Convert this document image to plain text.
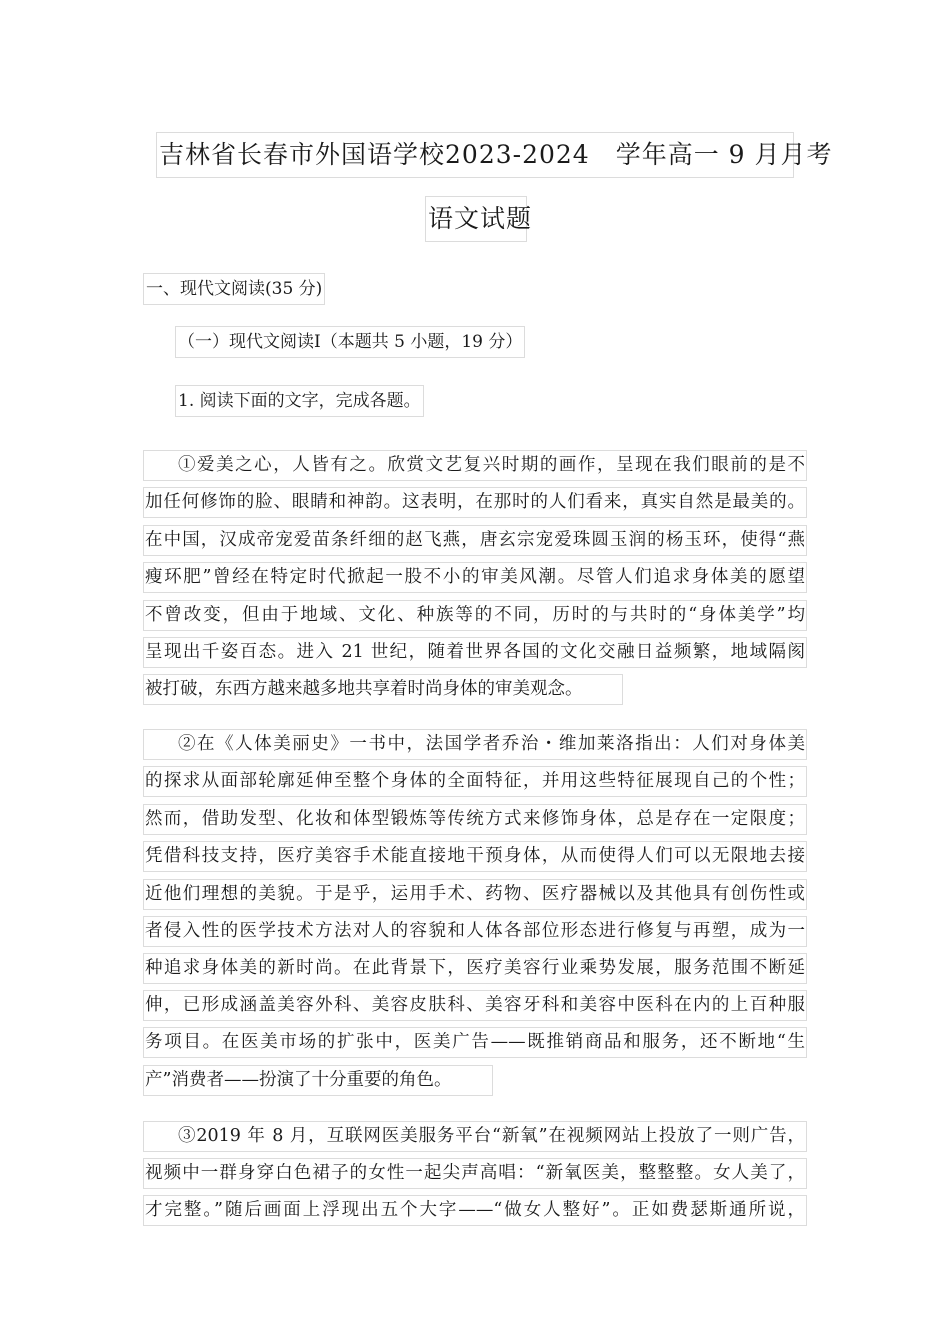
吉林省长春市外国语学校2023-2024　学年高一 9 月月考
语文试题
一、现代文阅读(35 分)
（一）现代文阅读Ⅰ（本题共 5 小题，19 分）
1. 阅读下面的文字，完成各题。
①爱美之心，人皆有之。欣赏文艺复兴时期的画作，呈现在我们眼前的是不
加任何修饰的脸、眼睛和神韵。这表明，在那时的人们看来，真实自然是最美的。
在中国，汉成帝宠爱苗条纤细的赵飞燕，唐玄宗宠爱珠圆玉润的杨玉环，使得“燕
瘦环肥”曾经在特定时代掀起一股不小的审美风潮。尽管人们追求身体美的愿望
不曾改变，但由于地域、文化、种族等的不同，历时的与共时的“身体美学”均
呈现出千姿百态。进入 21 世纪，随着世界各国的文化交融日益频繁，地域隔阂
被打破，东西方越来越多地共享着时尚身体的审美观念。
②在《人体美丽史》一书中，法国学者乔治・维加莱洛指出：人们对身体美
的探求从面部轮廓延伸至整个身体的全面特征，并用这些特征展现自己的个性；
然而，借助发型、化妆和体型锻炼等传统方式来修饰身体，总是存在一定限度；
凭借科技支持，医疗美容手术能直接地干预身体，从而使得人们可以无限地去接
近他们理想的美貌。于是乎，运用手术、药物、医疗器械以及其他具有创伤性或
者侵入性的医学技术方法对人的容貌和人体各部位形态进行修复与再塑，成为一
种追求身体美的新时尚。在此背景下，医疗美容行业乘势发展，服务范围不断延
伸，已形成涵盖美容外科、美容皮肤科、美容牙科和美容中医科在内的上百种服
务项目。在医美市场的扩张中，医美广告——既推销商品和服务，还不断地“生
产”消费者——扮演了十分重要的角色。
③2019 年 8 月，互联网医美服务平台“新氧”在视频网站上投放了一则广告，
视频中一群身穿白色裙子的女性一起尖声高唱：“新氧医美，整整整。女人美了，
才完整。”随后画面上浮现出五个大字——“做女人整好”。正如费瑟斯通所说，
